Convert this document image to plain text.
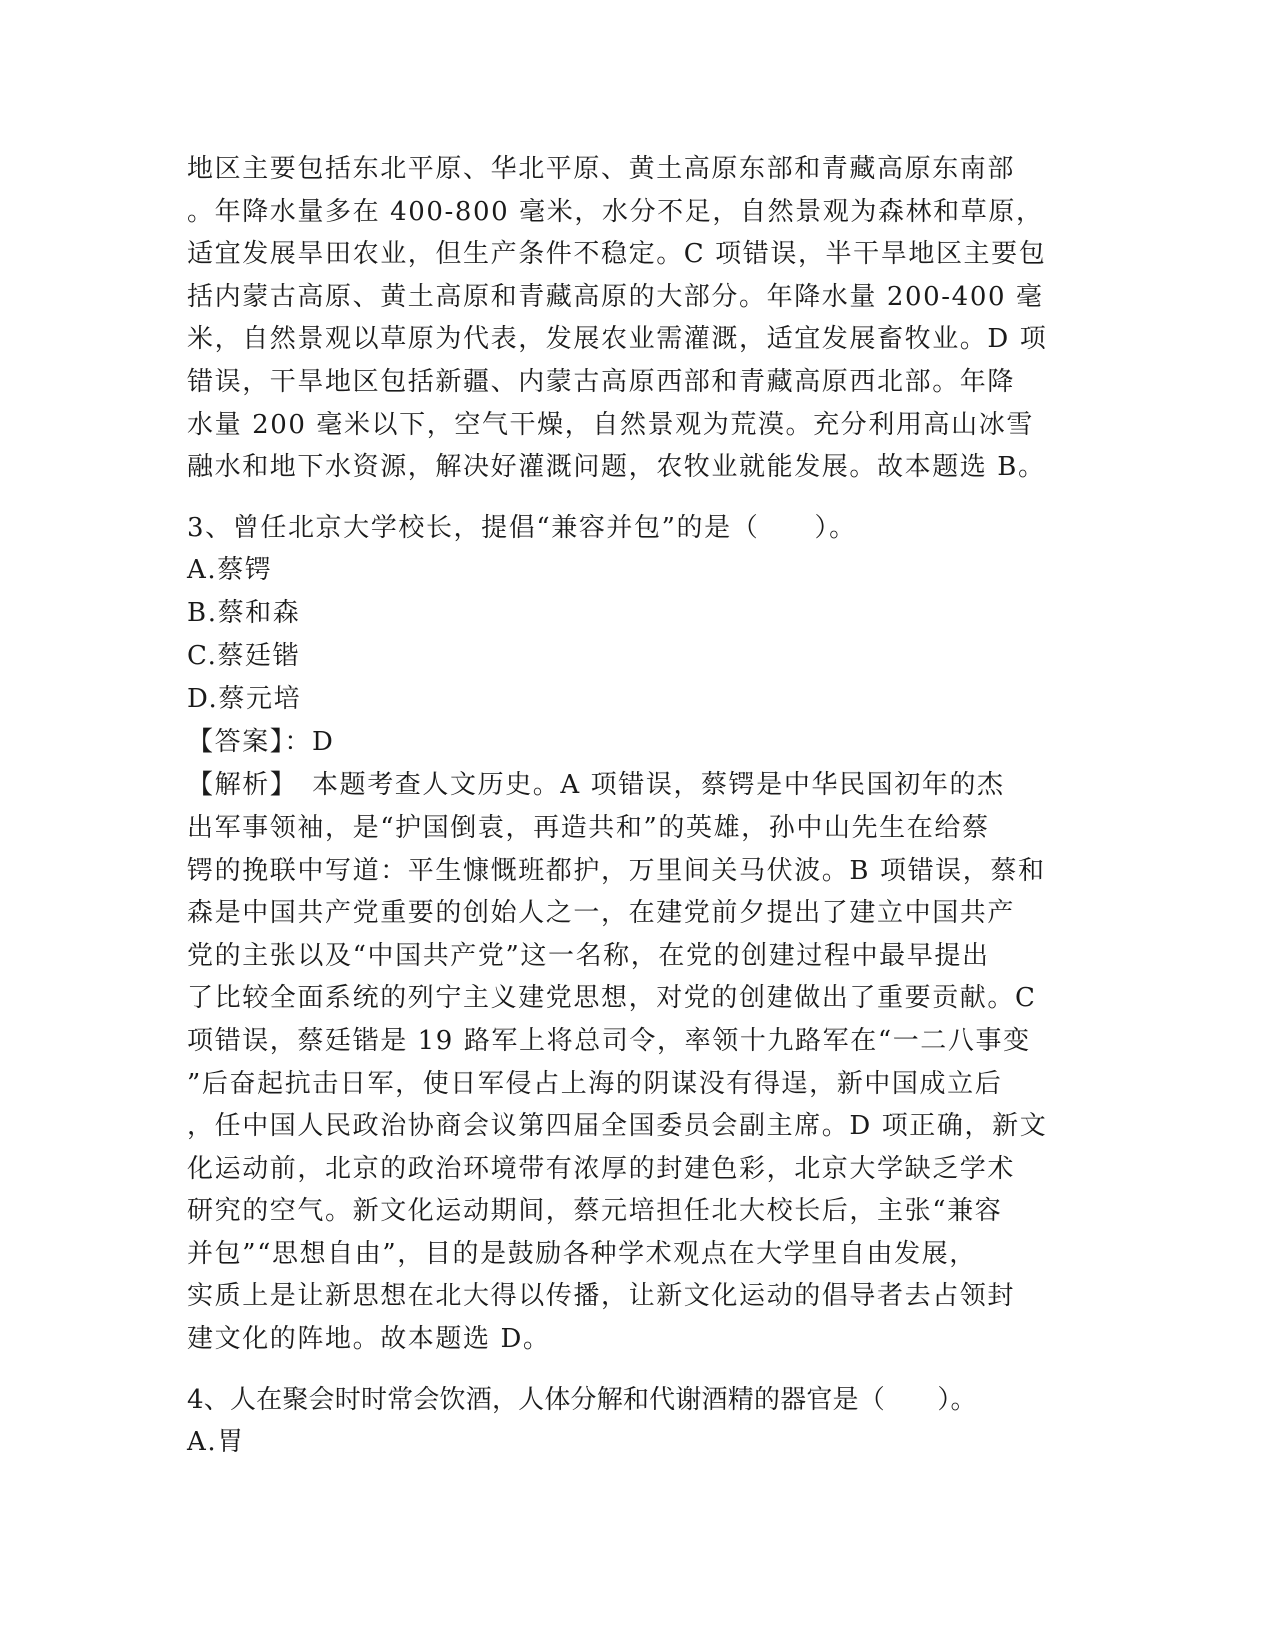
地区主要包括东北平原、华北平原、黄土高原东部和青藏高原东南部
。年降水量多在 400-800 毫米，水分不足，自然景观为森林和草原，
适宜发展旱田农业，但生产条件不稳定。C 项错误，半干旱地区主要包
括内蒙古高原、黄土高原和青藏高原的大部分。年降水量 200-400 毫
米，自然景观以草原为代表，发展农业需灌溉，适宜发展畜牧业。D 项
错误，干旱地区包括新疆、内蒙古高原西部和青藏高原西北部。年降
水量 200 毫米以下，空气干燥，自然景观为荒漠。充分利用高山冰雪
融水和地下水资源，解决好灌溉问题，农牧业就能发展。故本题选 B。
3、曾任北京大学校长，提倡“兼容并包”的是（　　）。
A.蔡锷
B.蔡和森
C.蔡廷锴
D.蔡元培
【答案】：D
【解析】　本题考查人文历史。A 项错误，蔡锷是中华民国初年的杰
出军事领袖，是“护国倒袁，再造共和”的英雄，孙中山先生在给蔡
锷的挽联中写道：平生慷慨班都护，万里间关马伏波。B 项错误，蔡和
森是中国共产党重要的创始人之一，在建党前夕提出了建立中国共产
党的主张以及“中国共产党”这一名称，在党的创建过程中最早提出
了比较全面系统的列宁主义建党思想，对党的创建做出了重要贡献。C
项错误，蔡廷锴是 19 路军上将总司令，率领十九路军在“一二八事变
”后奋起抗击日军，使日军侵占上海的阴谋没有得逞，新中国成立后
，任中国人民政治协商会议第四届全国委员会副主席。D 项正确，新文
化运动前，北京的政治环境带有浓厚的封建色彩，北京大学缺乏学术
研究的空气。新文化运动期间，蔡元培担任北大校长后，主张“兼容
并包”“思想自由”，目的是鼓励各种学术观点在大学里自由发展，
实质上是让新思想在北大得以传播，让新文化运动的倡导者去占领封
建文化的阵地。故本题选 D。
4、人在聚会时时常会饮酒，人体分解和代谢酒精的器官是（　　）。
A.胃
